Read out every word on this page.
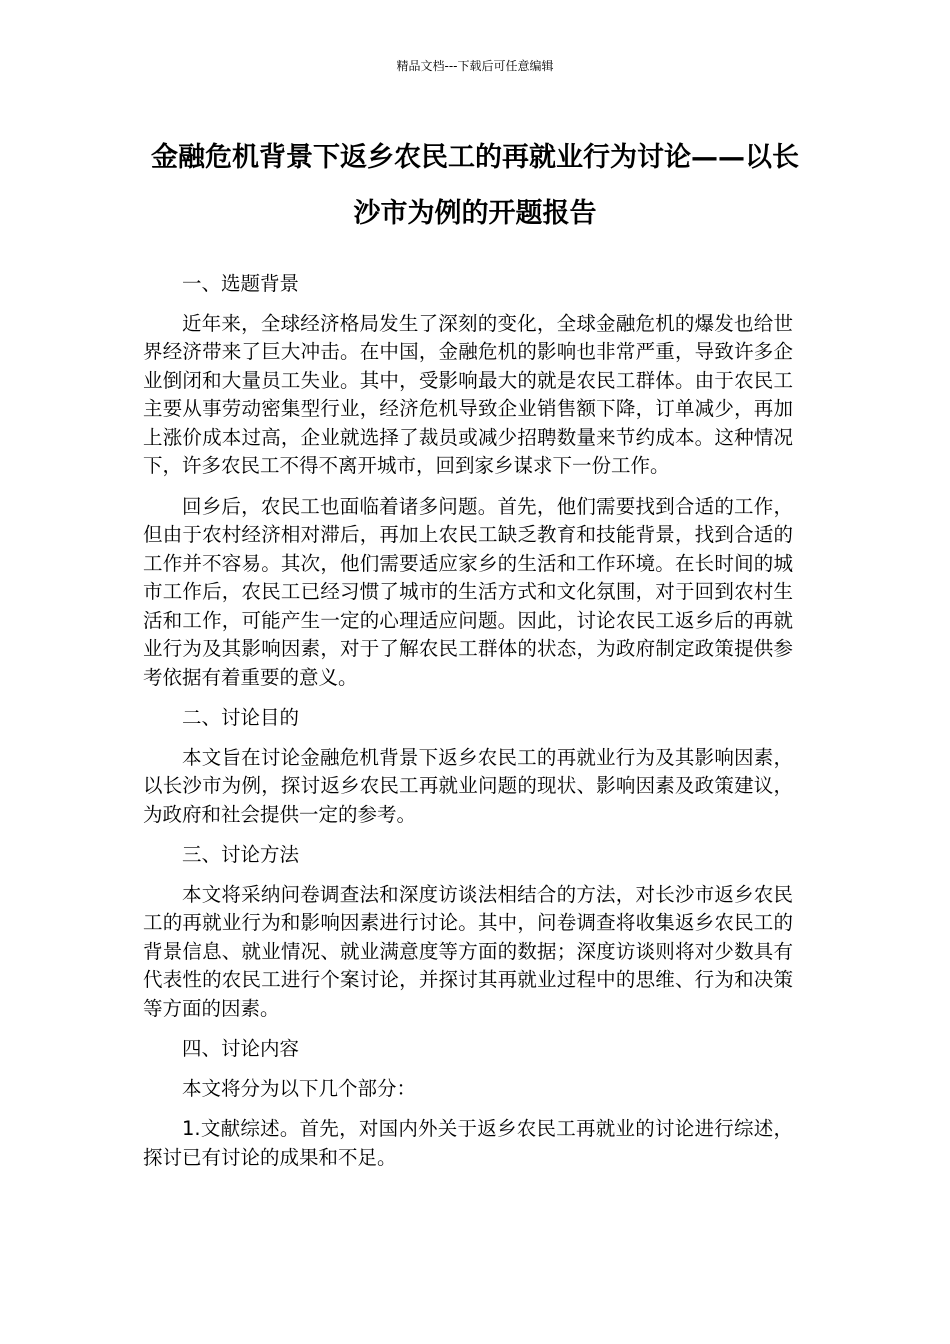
精品文档---下载后可任意编辑
金融危机背景下返乡农民工的再就业行为讨论——以长沙市为例的开题报告

一、选题背景

近年来，全球经济格局发生了深刻的变化，全球金融危机的爆发也给世界经济带来了巨大冲击。在中国，金融危机的影响也非常严重，导致许多企业倒闭和大量员工失业。其中，受影响最大的就是农民工群体。由于农民工主要从事劳动密集型行业，经济危机导致企业销售额下降，订单减少，再加上涨价成本过高，企业就选择了裁员或减少招聘数量来节约成本。这种情况下，许多农民工不得不离开城市，回到家乡谋求下一份工作。

回乡后，农民工也面临着诸多问题。首先，他们需要找到合适的工作，但由于农村经济相对滞后，再加上农民工缺乏教育和技能背景，找到合适的工作并不容易。其次，他们需要适应家乡的生活和工作环境。在长时间的城市工作后，农民工已经习惯了城市的生活方式和文化氛围，对于回到农村生活和工作，可能产生一定的心理适应问题。因此，讨论农民工返乡后的再就业行为及其影响因素，对于了解农民工群体的状态，为政府制定政策提供参考依据有着重要的意义。

二、讨论目的

本文旨在讨论金融危机背景下返乡农民工的再就业行为及其影响因素，以长沙市为例，探讨返乡农民工再就业问题的现状、影响因素及政策建议，为政府和社会提供一定的参考。

三、讨论方法

本文将采纳问卷调查法和深度访谈法相结合的方法，对长沙市返乡农民工的再就业行为和影响因素进行讨论。其中，问卷调查将收集返乡农民工的背景信息、就业情况、就业满意度等方面的数据；深度访谈则将对少数具有代表性的农民工进行个案讨论，并探讨其再就业过程中的思维、行为和决策等方面的因素。

四、讨论内容

本文将分为以下几个部分：

1.文献综述。首先，对国内外关于返乡农民工再就业的讨论进行综述，探讨已有讨论的成果和不足。
